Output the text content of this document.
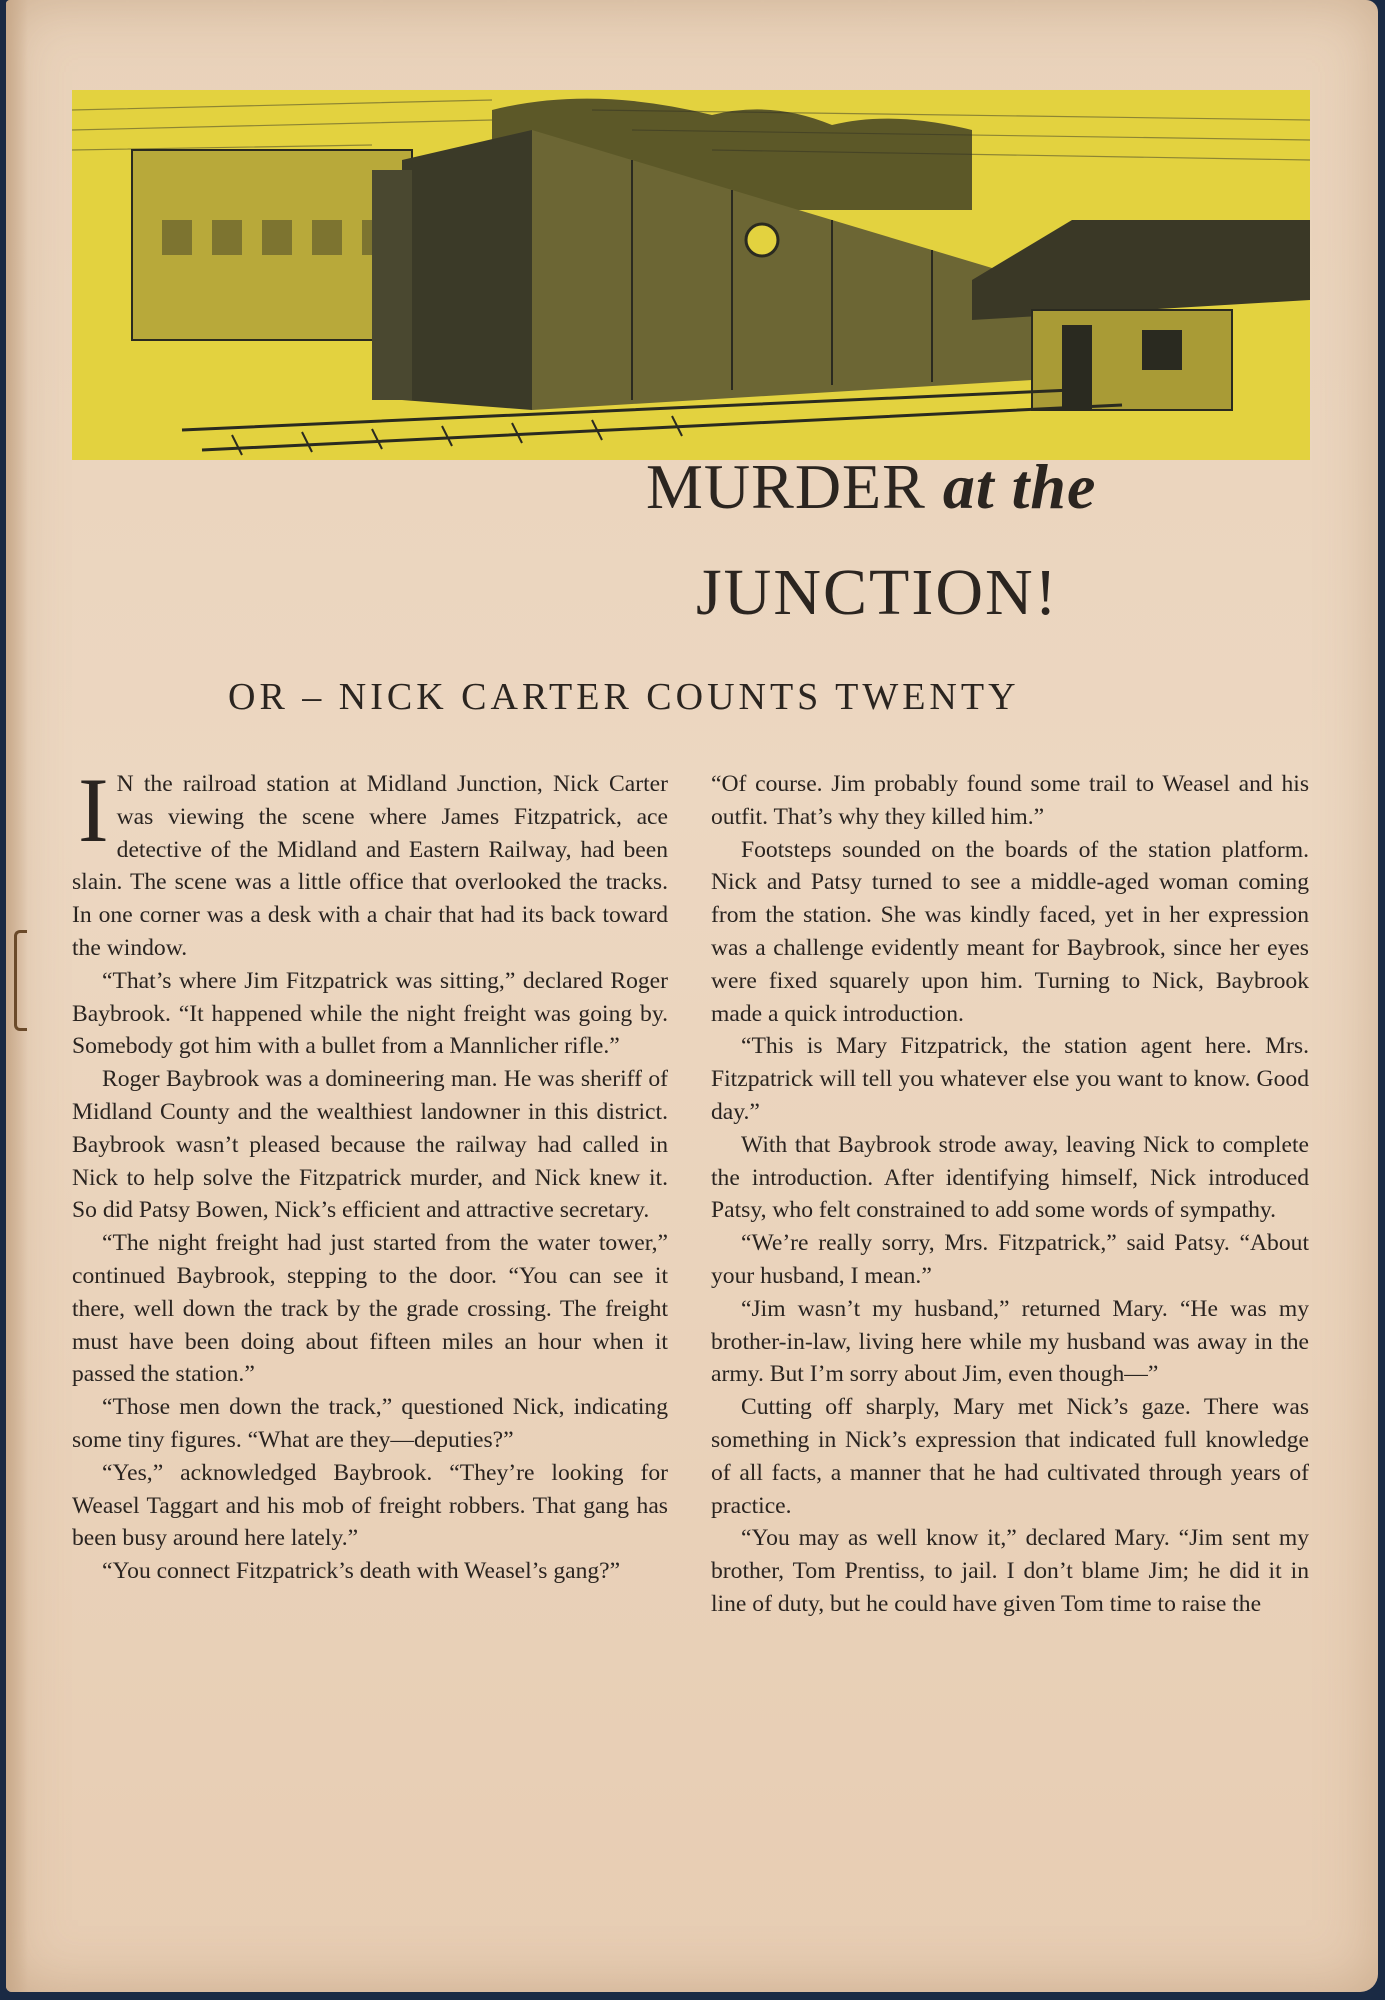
MURDER at the
JUNCTION!
OR – NICK CARTER COUNTS TWENTY

I N the railroad station at Midland Junction, Nick Carter was viewing the scene where James Fitzpatrick, ace detective of the Midland and Eastern Railway, had been slain. The scene was a little office that overlooked the tracks. In one corner was a desk with a chair that had its back toward the window.

“That’s where Jim Fitzpatrick was sitting,” declared Roger Baybrook. “It happened while the night freight was going by. Somebody got him with a bullet from a Mannlicher rifle.”

Roger Baybrook was a domineering man. He was sheriff of Midland County and the wealthiest landowner in this district. Baybrook wasn’t pleased because the railway had called in Nick to help solve the Fitzpatrick murder, and Nick knew it. So did Patsy Bowen, Nick’s efficient and attractive secretary.

“The night freight had just started from the water tower,” continued Baybrook, stepping to the door. “You can see it there, well down the track by the grade crossing. The freight must have been doing about fifteen miles an hour when it passed the station.”

“Those men down the track,” questioned Nick, indicating some tiny figures. “What are they—deputies?”

“Yes,” acknowledged Baybrook. “They’re looking for Weasel Taggart and his mob of freight robbers. That gang has been busy around here lately.”

“You connect Fitzpatrick’s death with Weasel’s gang?”

“Of course. Jim probably found some trail to Weasel and his outfit. That’s why they killed him.”

Footsteps sounded on the boards of the station platform. Nick and Patsy turned to see a middle-aged woman coming from the station. She was kindly faced, yet in her expression was a challenge evidently meant for Baybrook, since her eyes were fixed squarely upon him. Turning to Nick, Baybrook made a quick introduction.

“This is Mary Fitzpatrick, the station agent here. Mrs. Fitzpatrick will tell you whatever else you want to know. Good day.”

With that Baybrook strode away, leaving Nick to complete the introduction. After identifying himself, Nick introduced Patsy, who felt constrained to add some words of sympathy.

“We’re really sorry, Mrs. Fitzpatrick,” said Patsy. “About your husband, I mean.”

“Jim wasn’t my husband,” returned Mary. “He was my brother-in-law, living here while my husband was away in the army. But I’m sorry about Jim, even though—”

Cutting off sharply, Mary met Nick’s gaze. There was something in Nick’s expression that indicated full knowledge of all facts, a manner that he had cultivated through years of practice.

“You may as well know it,” declared Mary. “Jim sent my brother, Tom Prentiss, to jail. I don’t blame Jim; he did it in line of duty, but he could have given Tom time to raise the
